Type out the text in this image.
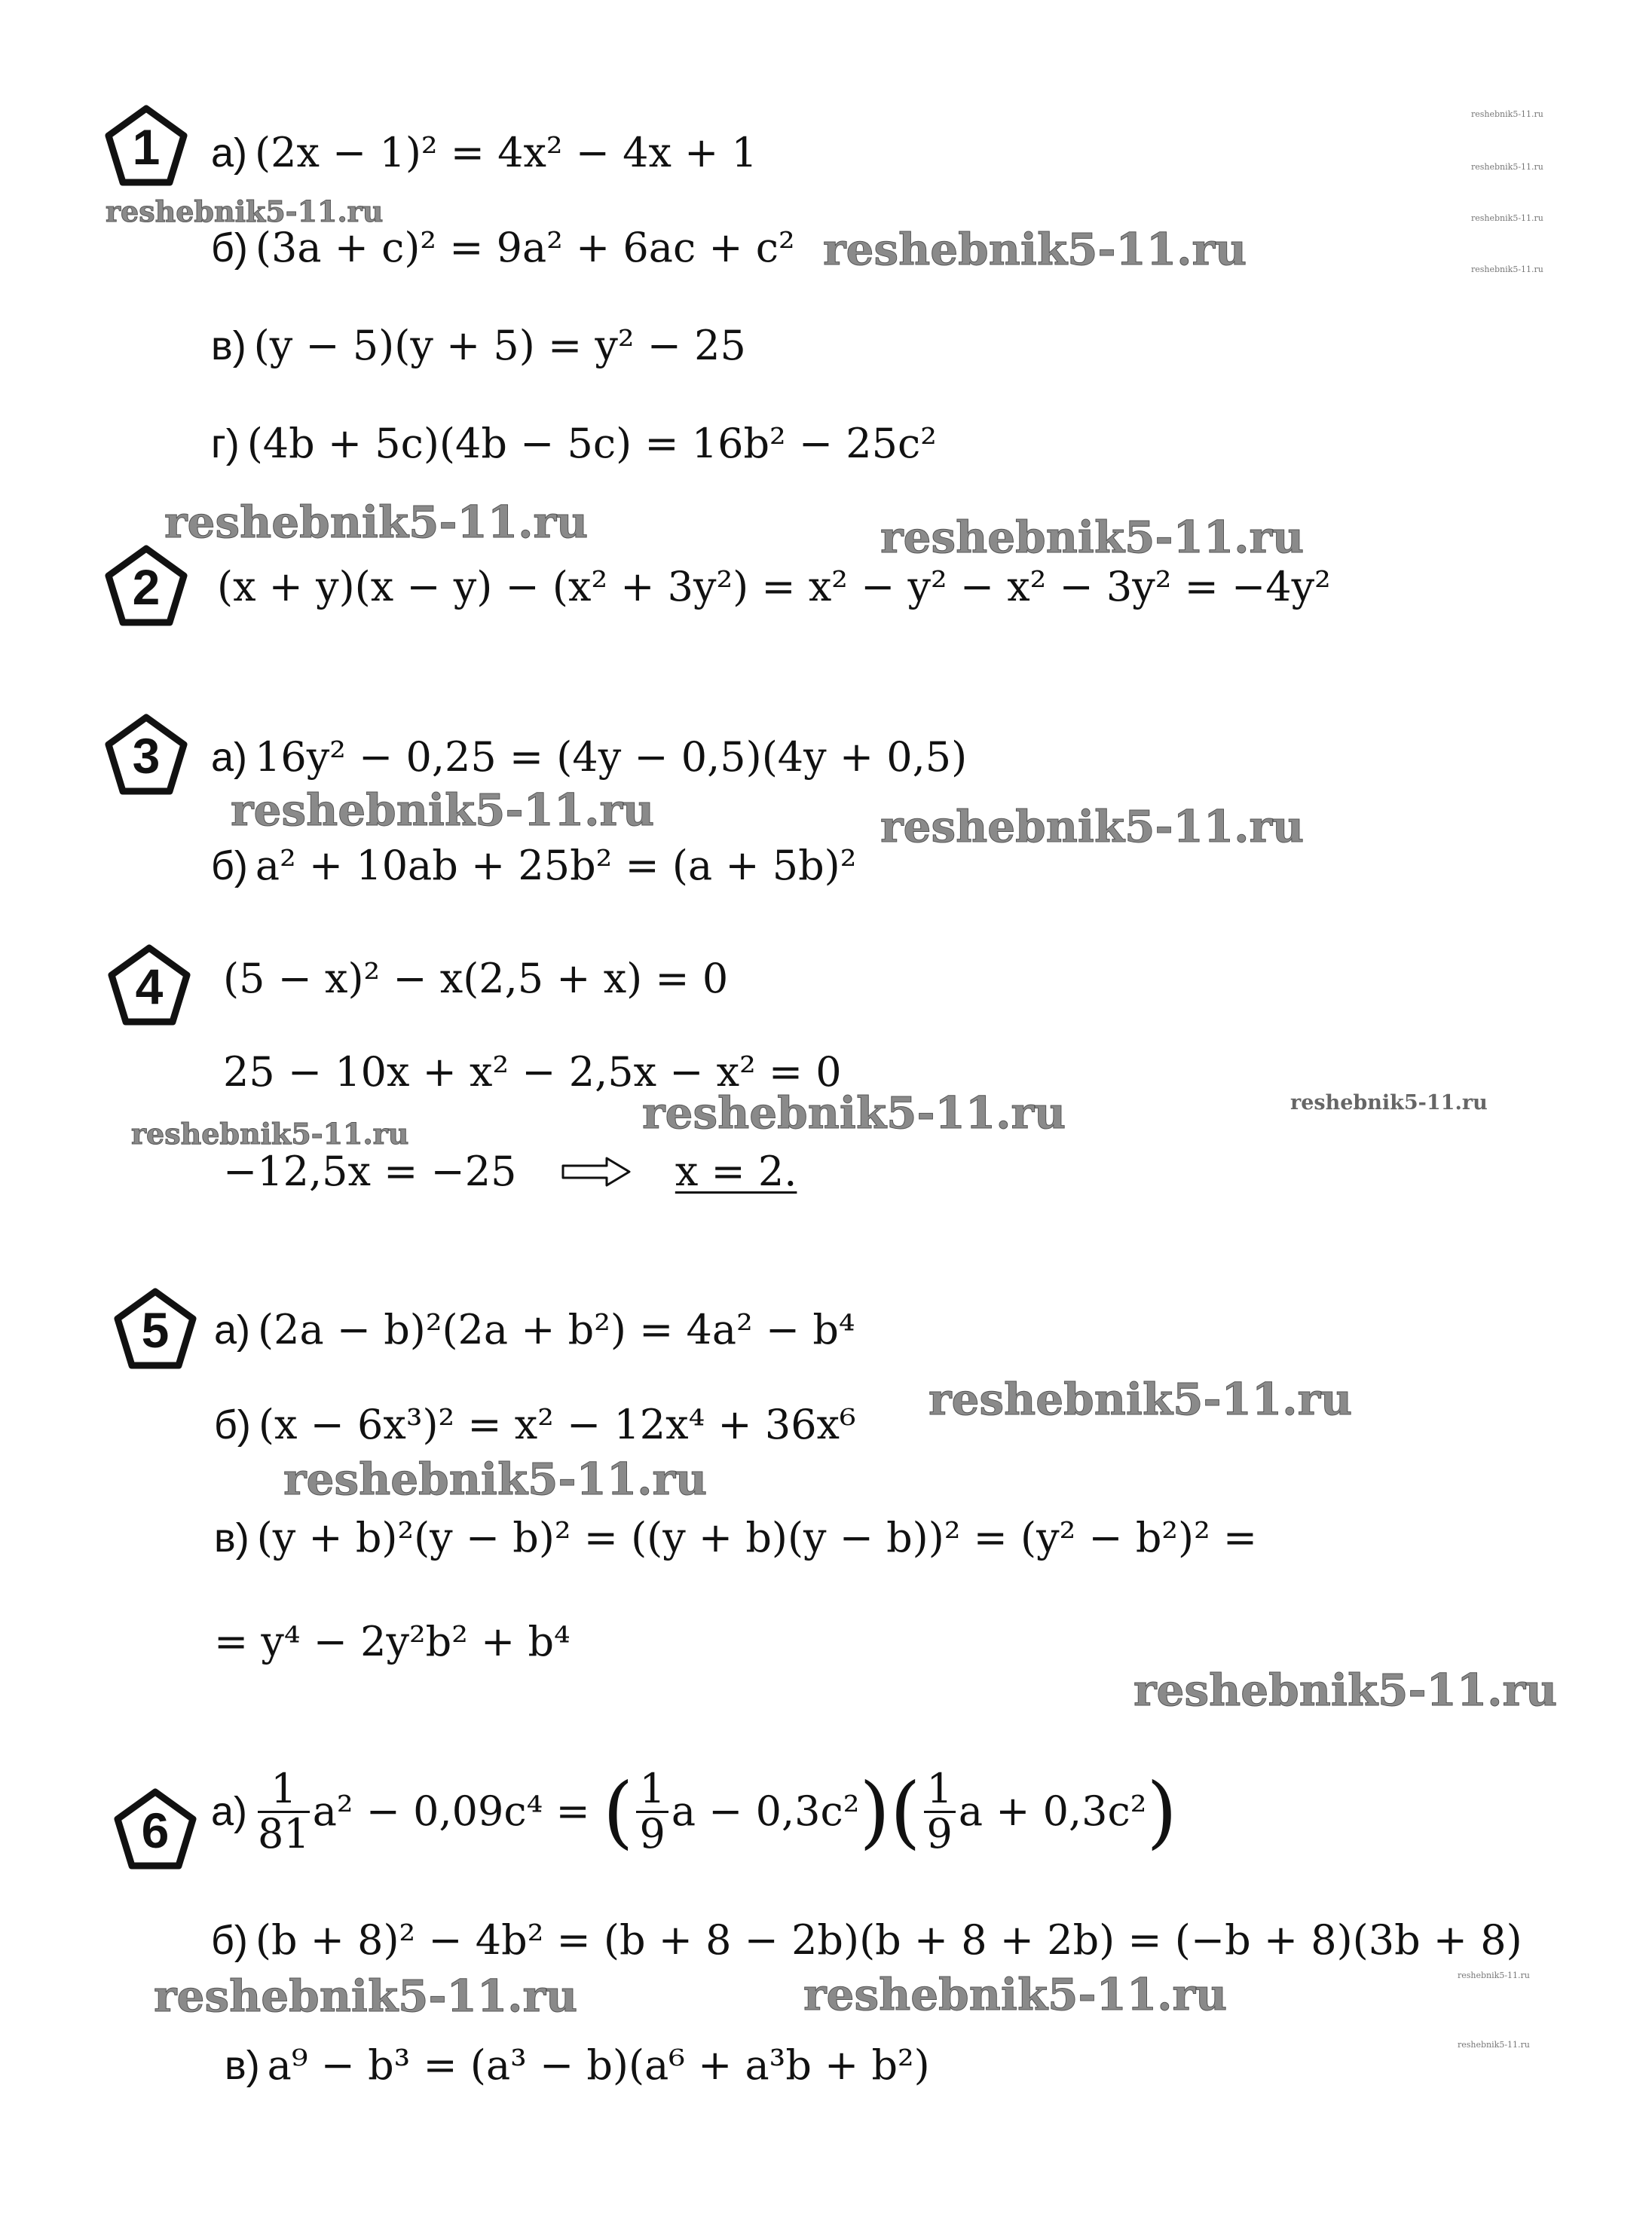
1
2
3
4
5
6
а) (2x − 1)² = 4x² − 4x + 1
б) (3a + c)² = 9a² + 6ac + c²
в) (y − 5)(y + 5) = y² − 25
г) (4b + 5c)(4b − 5c) = 16b² − 25c²
(x + y)(x − y) − (x² + 3y²) = x² − y² − x² − 3y² = −4y²
а) 16y² − 0,25 = (4y − 0,5)(4y + 0,5)
б) a² + 10ab + 25b² = (a + 5b)²
(5 − x)² − x(2,5 + x) = 0
25 − 10x + x² − 2,5x − x² = 0
−12,5x = −25	x = 2.
а) (2a − b)²(2a + b²) = 4a² − b⁴
б) (x − 6x³)² = x² − 12x⁴ + 36x⁶
в) (y + b)²(y − b)² = ((y + b)(y − b))² = (y² − b²)² =
= y⁴ − 2y²b² + b⁴
$а) \frac{1}{81} a^2 - 0,09c^4$ = ( $\frac{1}{9}$ $a - 0,3c^2)( \frac{1}{9}$ a + 0,3c²)
б) (b + 8)² − 4b² = (b + 8 − 2b)(b + 8 + 2b) = (−b + 8)(3b + 8)
в) a⁹ − b³ = (a³ − b)(a⁶ + a³b + b²)
reshebnik5-11.ru
reshebnik5-11.ru
reshebnik5-11.ru	reshebnik5-11.ru
reshebnik5-11.ru	reshebnik5-11.ru
reshebnik5-11.ru	reshebnik5-11.ru
reshebnik5-11.ru
reshebnik5-11.ru
reshebnik5-11.ru
reshebnik5-11.ru
reshebnik5-11.ru	reshebnik5-11.ru
reshebnik5-11.ru
reshebnik5-11.ru
reshebnik5-11.ru
reshebnik5-11.ru
reshebnik5-11.ru
reshebnik5-11.ru
